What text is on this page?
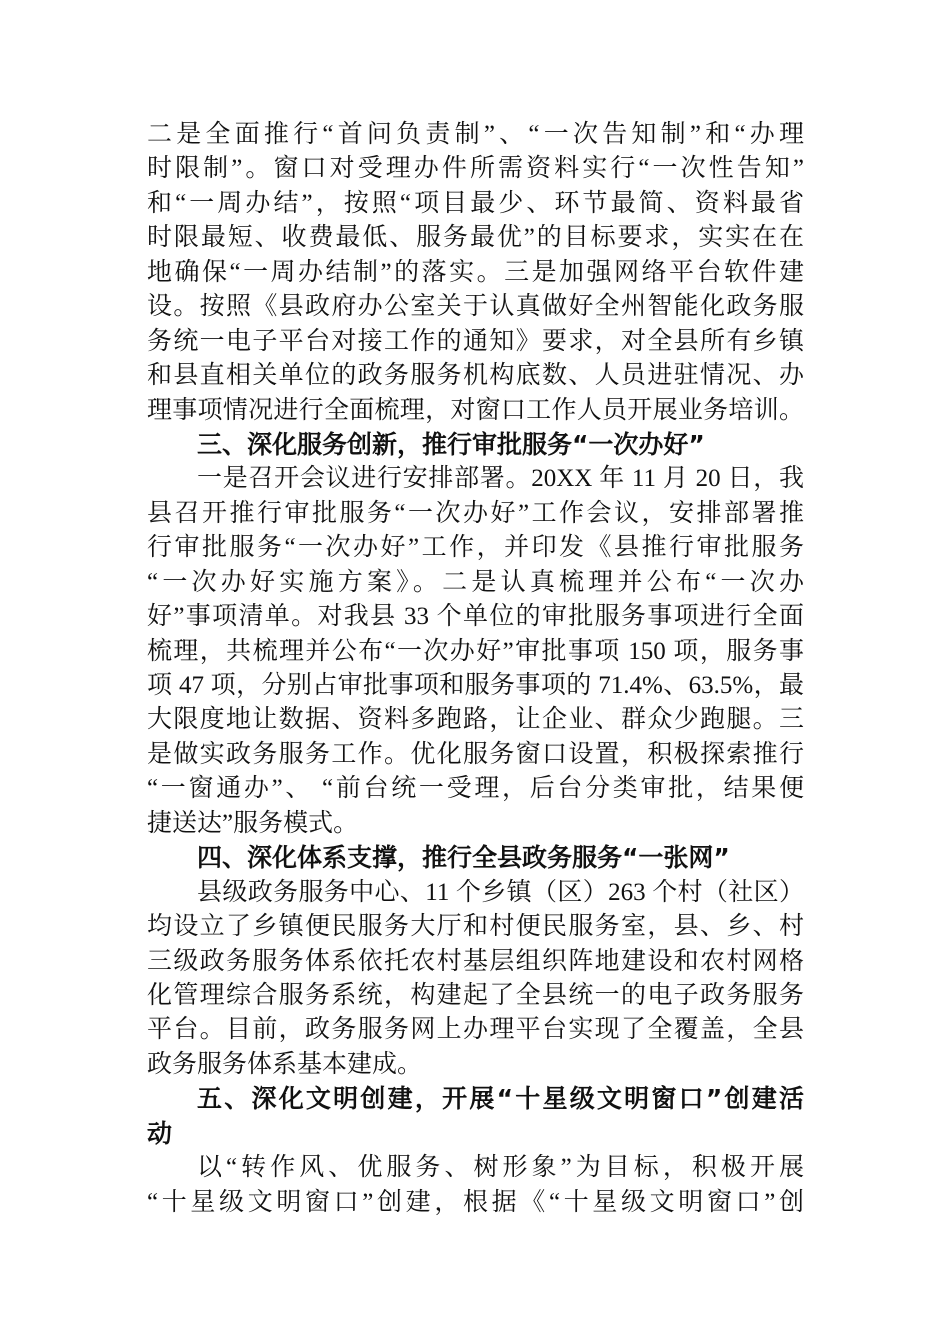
二是全面推行“首问负责制”、“一次告知制”和“办理
时限制”。窗口对受理办件所需资料实行“一次性告知”
和“一周办结”，按照“项目最少、环节最简、资料最省
时限最短、收费最低、服务最优”的目标要求，实实在在
地确保“一周办结制”的落实。三是加强网络平台软件建
设。按照《县政府办公室关于认真做好全州智能化政务服
务统一电子平台对接工作的通知》要求，对全县所有乡镇
和县直相关单位的政务服务机构底数、人员进驻情况、办
理事项情况进行全面梳理，对窗口工作人员开展业务培训。
三、深化服务创新，推行审批服务“一次办好”
一是召开会议进行安排部署。20XX 年 11 月 20 日，我
县召开推行审批服务“一次办好”工作会议，安排部署推
行审批服务“一次办好”工作，并印发《县推行审批服务
“一次办好实施方案》。二是认真梳理并公布“一次办
好”事项清单。对我县 33 个单位的审批服务事项进行全面
梳理，共梳理并公布“一次办好”审批事项 150 项，服务事
项 47 项，分别占审批事项和服务事项的 71.4%、63.5%，最
大限度地让数据、资料多跑路，让企业、群众少跑腿。三
是做实政务服务工作。优化服务窗口设置，积极探索推行
“一窗通办”、 “前台统一受理，后台分类审批，结果便
捷送达”服务模式。
四、深化体系支撑，推行全县政务服务“一张网”
县级政务服务中心、11 个乡镇（区）263 个村（社区）
均设立了乡镇便民服务大厅和村便民服务室，县、乡、村
三级政务服务体系依托农村基层组织阵地建设和农村网格
化管理综合服务系统，构建起了全县统一的电子政务服务
平台。目前，政务服务网上办理平台实现了全覆盖，全县
政务服务体系基本建成。
五、深化文明创建，开展“十星级文明窗口”创建活
动
以“转作风、优服务、树形象”为目标，积极开展
“十星级文明窗口”创建，根据《“十星级文明窗口”创
